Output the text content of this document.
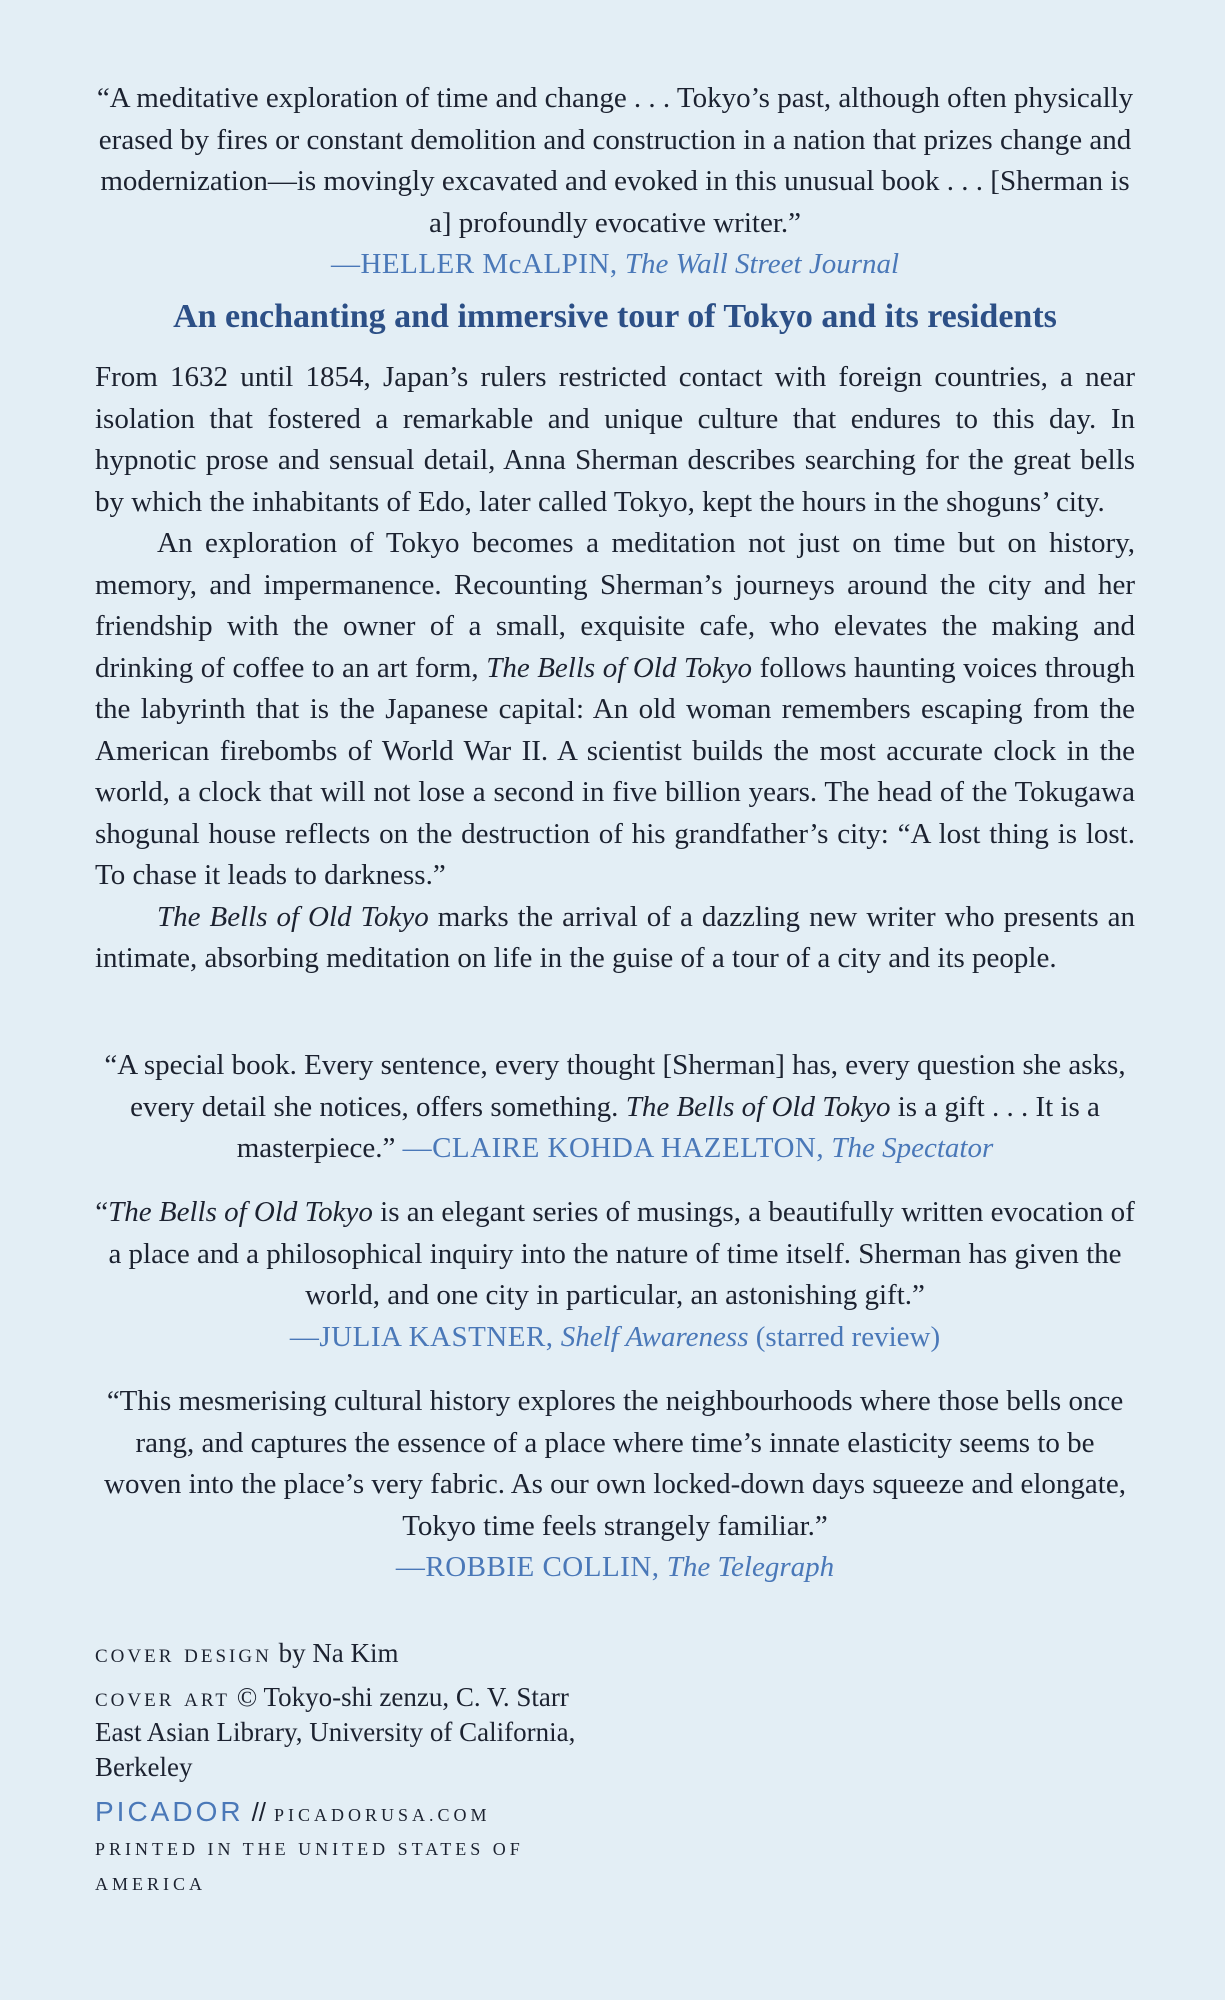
“A meditative exploration of time and change . . . Tokyo’s past, although often physically erased by fires or constant demolition and construction in a nation that prizes change and modernization—is movingly excavated and evoked in this unusual book . . . [Sherman is a] profoundly evocative writer.”

—HELLER McALPIN, The Wall Street Journal

An enchanting and immersive tour of Tokyo and its residents

From 1632 until 1854, Japan’s rulers restricted contact with foreign countries, a near isolation that fostered a remarkable and unique culture that endures to this day. In hypnotic prose and sensual detail, Anna Sherman describes searching for the great bells by which the inhabitants of Edo, later called Tokyo, kept the hours in the shoguns’ city.

An exploration of Tokyo becomes a meditation not just on time but on history, memory, and impermanence. Recounting Sherman’s journeys around the city and her friendship with the owner of a small, exquisite cafe, who elevates the making and drinking of coffee to an art form, The Bells of Old Tokyo follows haunting voices through the labyrinth that is the Japanese capital: An old woman remembers escaping from the American firebombs of World War II. A scientist builds the most accurate clock in the world, a clock that will not lose a second in five billion years. The head of the Tokugawa shogunal house reflects on the destruction of his grandfather’s city: “A lost thing is lost. To chase it leads to darkness.”

The Bells of Old Tokyo marks the arrival of a dazzling new writer who presents an intimate, absorbing meditation on life in the guise of a tour of a city and its people.

“A special book. Every sentence, every thought [Sherman] has, every question she asks, every detail she notices, offers something. The Bells of Old Tokyo is a gift . . . It is a masterpiece.” —CLAIRE KOHDA HAZELTON, The Spectator

“The Bells of Old Tokyo is an elegant series of musings, a beautifully written evocation of a place and a philosophical inquiry into the nature of time itself. Sherman has given the world, and one city in particular, an astonishing gift.”

—JULIA KASTNER, Shelf Awareness (starred review)

“This mesmerising cultural history explores the neighbourhoods where those bells once rang, and captures the essence of a place where time’s innate elasticity seems to be woven into the place’s very fabric. As our own locked-down days squeeze and elongate, Tokyo time feels strangely familiar.”

—ROBBIE COLLIN, The Telegraph

cover design by Na Kim
cover art © Tokyo-shi zenzu, C. V. Starr East Asian Library, University of California, Berkeley
PICADOR // PICADORUSA.COM
PRINTED IN THE UNITED STATES OF AMERICA
